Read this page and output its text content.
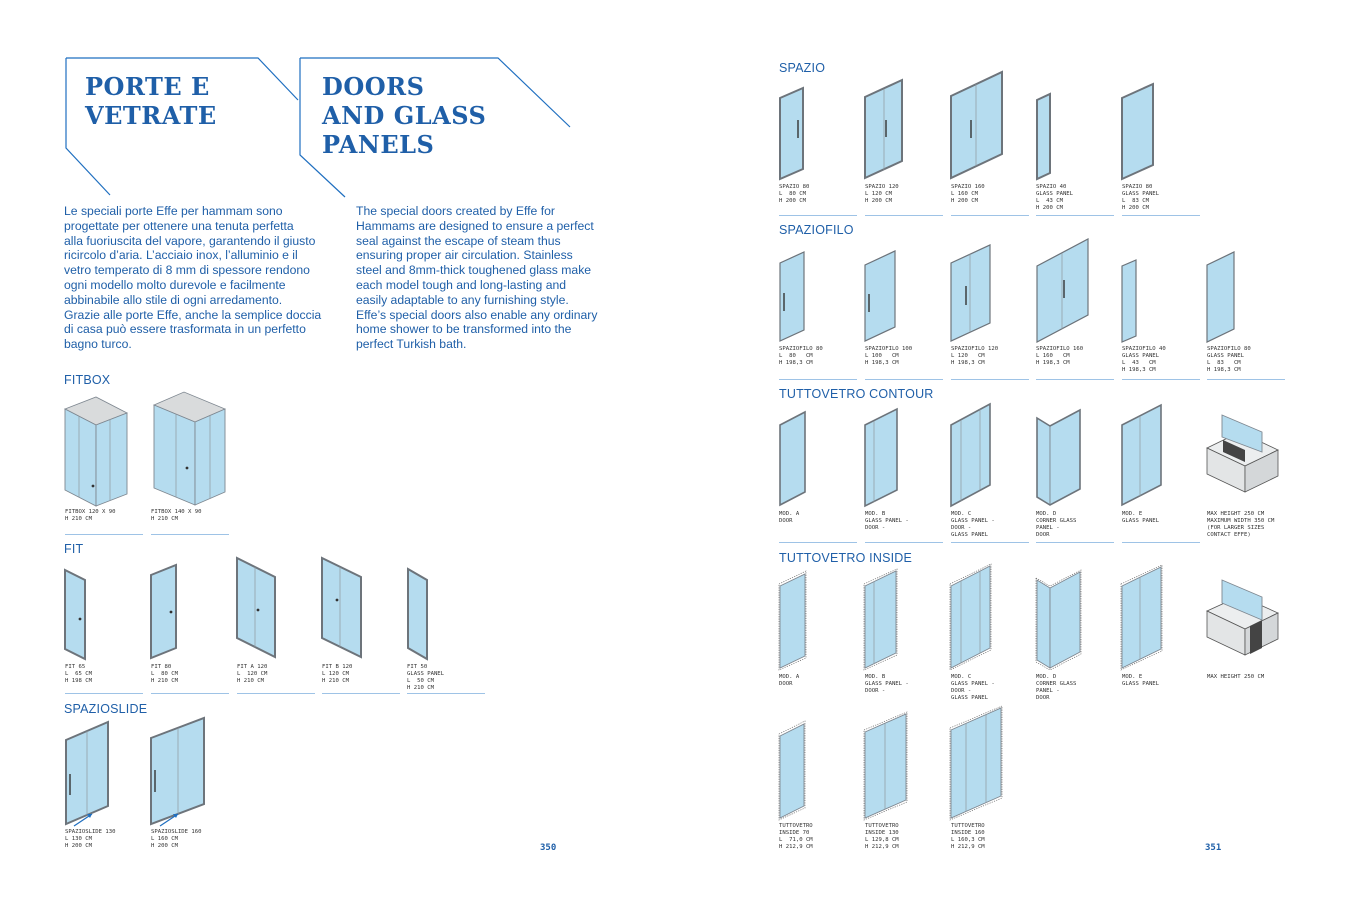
PORTE E
VETRATE
DOORS
AND GLASS
PANELS
Le speciali porte Effe per hammam sono
progettate per ottenere una tenuta perfetta
alla fuoriuscita del vapore, garantendo il giusto
ricircolo d’aria. L’acciaio inox, l’alluminio e il
vetro temperato di 8 mm di spessore rendono
ogni modello molto durevole e facilmente
abbinabile allo stile di ogni arredamento.
Grazie alle porte Effe, anche la semplice doccia
di casa può essere trasformata in un perfetto
bagno turco.
The special doors created by Effe for
Hammams are designed to ensure a perfect
seal against the escape of steam thus
ensuring proper air circulation. Stainless
steel and 8mm-thick toughened glass make
each model tough and long-lasting and
easily adaptable to any furnishing style.
Effe’s special doors also enable any ordinary
home shower to be transformed into the
perfect Turkish bath.
FITBOX
FIT
SPAZIOSLIDE
SPAZIO
SPAZIOFILO
TUTTOVETRO CONTOUR
TUTTOVETRO INSIDE
FITBOX 120 X 90
H 210 CM
FITBOX 140 X 90
H 210 CM
FIT 65
L  65 CM
H 198 CM
FIT 80
L  80 CM
H 210 CM
FIT A 120
L  120 CM
H 210 CM
FIT B 120
L 120 CM
H 210 CM
FIT 50
GLASS PANEL
L  50 CM
H 210 CM
SPAZIOSLIDE 130
L 130 CM
H 200 CM
SPAZIOSLIDE 160
L 160 CM
H 200 CM
SPAZIO 80
L  80 CM
H 200 CM
SPAZIO 120
L 120 CM
H 200 CM
SPAZIO 160
L 160 CM
H 200 CM
SPAZIO 40
GLASS PANEL
L  43 CM
H 200 CM
SPAZIO 80
GLASS PANEL
L  83 CM
H 200 CM
SPAZIOFILO 80
L  80   CM
H 198,3 CM
SPAZIOFILO 100
L 100   CM
H 198,3 CM
SPAZIOFILO 120
L 120   CM
H 198,3 CM
SPAZIOFILO 160
L 160   CM
H 198,3 CM
SPAZIOFILO 40
GLASS PANEL
L  43   CM
H 198,3 CM
SPAZIOFILO 80
GLASS PANEL
L  83   CM
H 198,3 CM
MOD. A
DOOR
MOD. B
GLASS PANEL -
DOOR -
MOD. C
GLASS PANEL -
DOOR -
GLASS PANEL
MOD. D
CORNER GLASS
PANEL -
DOOR
MOD. E
GLASS PANEL
MAX HEIGHT 250 CM
MAXIMUM WIDTH 350 CM
(FOR LARGER SIZES
CONTACT EFFE)
MOD. A
DOOR
MOD. B
GLASS PANEL -
DOOR -
MOD. C
GLASS PANEL -
DOOR -
GLASS PANEL
MOD. D
CORNER GLASS
PANEL -
DOOR
MOD. E
GLASS PANEL
MAX HEIGHT 250 CM
TUTTOVETRO
INSIDE 70
L  71,0 CM
H 212,9 CM
TUTTOVETRO
INSIDE 130
L 129,8 CM
H 212,9 CM
TUTTOVETRO
INSIDE 160
L 160,3 CM
H 212,9 CM
350	351
